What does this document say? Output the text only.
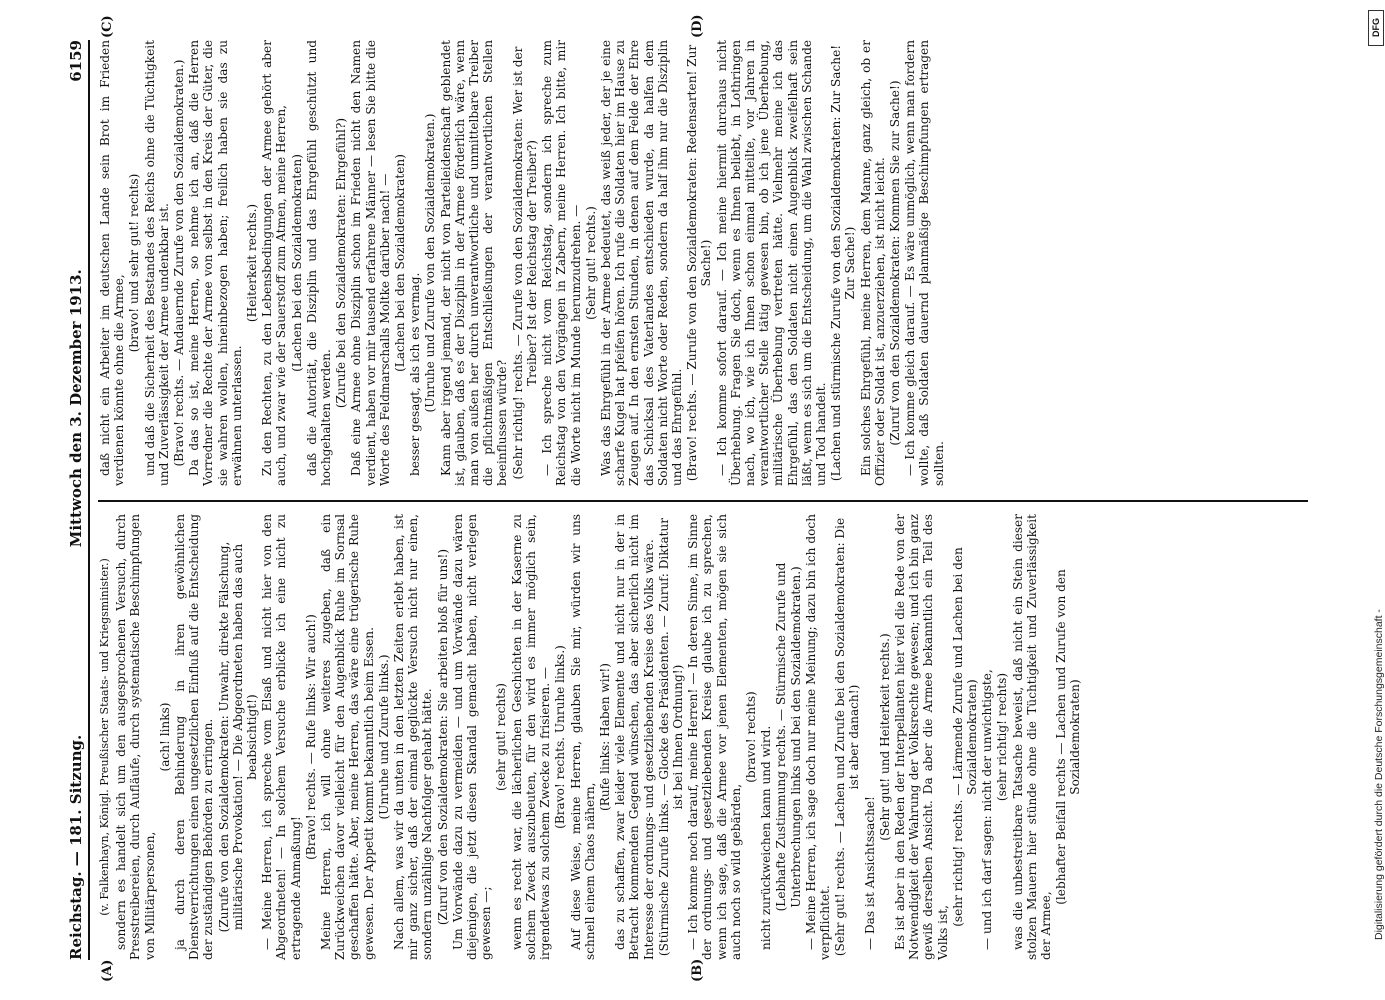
Reichstag. — 181. Sitzung.
Mittwoch den 3. Dezember 1913.
6159
(v. Falkenhayn, Königl. Preußischer Staats- und Kriegsminister.) sondern es handelt sich um den ausgesprochenen Versuch, durch Presstreibereien, durch Aufläufe, durch systematische Beschimpfungen von Militärpersonen,

(ach! links) ja durch deren Behinderung in ihren gewöhnlichen Dienstverrichtungen einen ungesetzlichen Einfluß auf die Entscheidung der zuständigen Behörden zu erringen. (Zurufe von den Sozialdemokraten: Unwahr, direkte Fälschung, militärische Provokation! — Die Abgeordneten haben das auch beabsichtigt!) — Meine Herren, ich spreche vom Elsaß und nicht hier von den Abgeordneten! — In solchem Versuche erblicke ich eine nicht zu ertragende Anmaßung!

(Bravo! rechts. — Rufe links: Wir auch!) Meine Herren, ich will ohne weiteres zugeben, daß ein Zurückweichen davor vielleicht für den Augenblick Ruhe im Sornsal geschaffen hätte. Aber, meine Herren, das wäre eine trügerische Ruhe gewesen. Der Appetit kommt bekanntlich beim Essen. (Unruhe und Zurufe links.) Nach allem, was wir da unten in den letzten Zeiten erlebt haben, ist mir ganz sicher, daß der einmal geglückte Versuch nicht nur einen, sondern unzählige Nachfolger gehabt hätte. (Zuruf von den Sozialdemokraten: Sie arbeiten bloß für uns!) Um Vorwände dazu zu vermeiden — und um Vorwände dazu wären diejenigen, die jetzt diesen Skandal gemacht haben, nicht verlegen gewesen —;

(sehr gut! rechts) wenn es recht war, die lächerlichen Geschichten in der Kaserne zu solchem Zweck auszubeuten, für den wird es immer möglich sein, irgendetwas zu solchem Zwecke zu frisieren. — (Bravo! rechts. Unruhe links.) Auf diese Weise, meine Herren, glauben Sie mir, würden wir uns schnell einem Chaos nähern,

(Rufe links: Haben wir!) das zu schaffen, zwar leider viele Elemente und nicht nur in der in Betracht kommenden Gegend wünschen, das aber sicherlich nicht im Interesse der ordnungs- und gesetzliebenden Kreise des Volks wäre. (Stürmische Zurufe links. — Glocke des Präsidenten. — Zuruf: Diktatur ist bei Ihnen Ordnung!) — Ich komme noch darauf, meine Herren! — In deren Sinne, im Sinne der ordnungs- und gesetzliebenden Kreise glaube ich zu sprechen, wenn ich sage, daß die Armee vor jenen Elementen, mögen sie sich auch noch so wild gebärden,

(bravo! rechts) nicht zurückweichen kann und wird. (Lebhafte Zustimmung rechts. — Stürmische Zurufe und Unterbrechungen links und bei den Sozialdemokraten.) — Meine Herren, ich sage doch nur meine Meinung; dazu bin ich doch verpflichtet. (Sehr gut! rechts. — Lachen und Zurufe bei den Sozialdemokraten: Die ist aber danach!)

— Das ist Ansichtssache!

(Sehr gut! und Heiterkeit rechts.) Es ist aber in den Reden der Interpellanten hier viel die Rede von der Notwendigkeit der Wahrung der Volksrechte gewesen; und ich bin ganz gewiß derselben Ansicht. Da aber die Armee bekanntlich ein Teil des Volks ist,

(sehr richtig! rechts. — Lärmende Zurufe und Lachen bei den Sozialdemokraten) — und ich darf sagen: nicht der unwichtigste, (sehr richtig! rechts) was die unbestreitbare Tatsache beweist, daß nicht ein Stein dieser stolzen Mauern hier stünde ohne die Tüchtigkeit und Zuverlässigkeit der Armee,

(lebhafter Beifall rechts — Lachen und Zurufe von den Sozialdemokraten)

daß nicht ein Arbeiter im deutschen Lande sein Brot im Frieden verdienen könnte ohne die Armee,

(bravo! und sehr gut! rechts) und daß die Sicherheit des Bestandes des Reichs ohne die Tüchtigkeit und Zuverlässigkeit der Armee undenkbar ist. (Bravo! rechts. — Andauernde Zurufe von den Sozialdemokraten.) Da das so ist, meine Herren, so nehme ich an, daß die Herren Vorredner die Rechte der Armee von selbst in den Kreis der Güter, die sie wahren wollen, hineinbezogen haben; freilich haben sie das zu erwähnen unterlassen.

(Heiterkeit rechts.) Zu den Rechten, zu den Lebensbedingungen der Armee gehört aber auch, und zwar wie der Sauerstoff zum Atmen, meine Herren, (Lachen bei den Sozialdemokraten) daß die Autorität, die Disziplin und das Ehrgefühl geschützt und hochgehalten werden.

(Zurufe bei den Sozialdemokraten: Ehrgefühl?) Daß eine Armee ohne Disziplin schon im Frieden nicht den Namen verdient, haben vor mir tausend erfahrene Männer — lesen Sie bitte die Worte des Feldmarschalls Moltke darüber nach! — (Lachen bei den Sozialdemokraten)

besser gesagt, als ich es vermag. (Unruhe und Zurufe von den Sozialdemokraten.) Kann aber irgend jemand, der nicht von Parteileidenschaft geblendet ist, glauben, daß es der Disziplin in der Armee förderlich wäre, wenn man von außen her durch unverantwortliche und unmittelbare Treiber die pflichtmäßigen Entschließungen der verantwortlichen Stellen beeinflussen würde? (Sehr richtig! rechts. — Zurufe von den Sozialdemokraten: Wer ist der Treiber? Ist der Reichstag der Treiber?) — Ich spreche nicht vom Reichstag, sondern ich spreche zum Reichstag von den Vorgängen in Zabern, meine Herren. Ich bitte, mir die Worte nicht im Munde herumzudrehen. — (Sehr gut! rechts.) Was das Ehrgefühl in der Armee bedeutet, das weiß jeder, der je eine scharfe Kugel hat pfeifen hören. Ich rufe die Soldaten hier im Hause zu Zeugen auf. In den ernsten Stunden, in denen auf dem Felde der Ehre das Schicksal des Vaterlandes entschieden wurde, da halfen dem Soldaten nicht Worte oder Reden, sondern da half ihm nur die Disziplin und das Ehrgefühl. (Bravo! rechts. — Zurufe von den Sozialdemokraten: Redensarten! Zur Sache!) — Ich komme sofort darauf. — Ich meine hiermit durchaus nicht Überhebung. Fragen Sie doch, wenn es Ihnen beliebt, in Lothringen nach, wo ich, wie ich Ihnen schon einmal mitteilte, vor Jahren in verantwortlicher Stelle tätig gewesen bin, ob ich jene Überhebung, militärische Überhebung vertreten hätte. Vielmehr meine ich das Ehrgefühl, das den Soldaten nicht einen Augenblick zweifelhaft sein läßt, wenn es sich um die Entscheidung, um die Wahl zwischen Schande und Tod handelt. (Lachen und stürmische Zurufe von den Sozialdemokraten: Zur Sache! Zur Sache!) Ein solches Ehrgefühl, meine Herren, dem Manne, ganz gleich, ob er Offizier oder Soldat ist, anzuerziehen, ist nicht leicht. (Zuruf von den Sozialdemokraten: Kommen Sie zur Sache!) — Ich komme gleich darauf. — Es wäre unmöglich, wenn man fordern wollte, daß Soldaten dauernd planmäßige Beschimpfungen ertragen sollten.

(A)	(B)
(C)	(D)	DFG
Digitalisierung gefördert durch die Deutsche Forschungsgemeinschaft -
